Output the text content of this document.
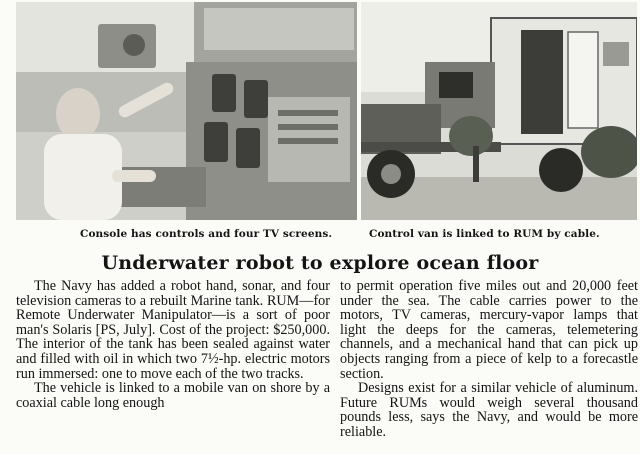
Console has controls and four TV screens.	Control van is linked to RUM by cable.
Underwater robot to explore ocean floor

The Navy has added a robot hand, sonar, and four television cameras to a rebuilt Marine tank. RUM—for Remote Underwater Manipulator—is a sort of poor man's Solaris [PS, July]. Cost of the project: $250,000. The interior of the tank has been sealed against water and filled with oil in which two 7½-hp. electric motors run immersed: one to move each of the two tracks.

The vehicle is linked to a mobile van on shore by a coaxial cable long enough

to permit operation five miles out and 20,000 feet under the sea. The cable carries power to the motors, TV cameras, mercury-vapor lamps that light the deeps for the cameras, telemetering channels, and a mechanical hand that can pick up objects ranging from a piece of kelp to a forecastle section.

Designs exist for a similar vehicle of aluminum. Future RUMs would weigh several thousand pounds less, says the Navy, and would be more reliable.
